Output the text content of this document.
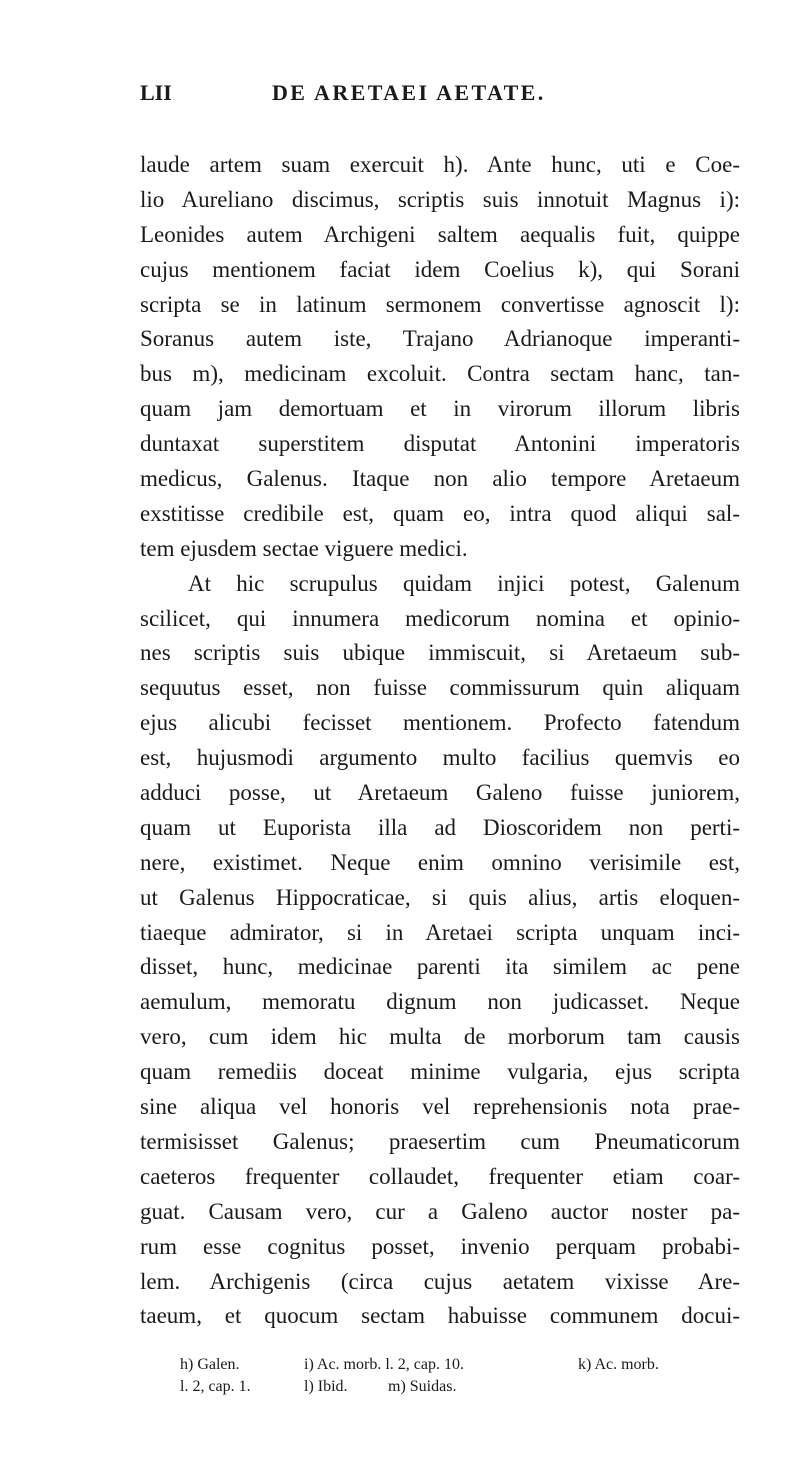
LII	DE ARETAEI AETATE.
laude artem suam exercuit h). Ante hunc, uti e Coe-
lio Aureliano discimus, scriptis suis innotuit Magnus i):
Leonides autem Archigeni saltem aequalis fuit, quippe
cujus mentionem faciat idem Coelius k), qui Sorani
scripta se in latinum sermonem convertisse agnoscit l):
Soranus autem iste, Trajano Adrianoque imperanti-
bus m), medicinam excoluit. Contra sectam hanc, tan-
quam jam demortuam et in virorum illorum libris
duntaxat superstitem disputat Antonini imperatoris
medicus, Galenus. Itaque non alio tempore Aretaeum
exstitisse credibile est, quam eo, intra quod aliqui sal-
tem ejusdem sectae viguere medici.
At hic scrupulus quidam injici potest, Galenum
scilicet, qui innumera medicorum nomina et opinio-
nes scriptis suis ubique immiscuit, si Aretaeum sub-
sequutus esset, non fuisse commissurum quin aliquam
ejus alicubi fecisset mentionem. Profecto fatendum
est, hujusmodi argumento multo facilius quemvis eo
adduci posse, ut Aretaeum Galeno fuisse juniorem,
quam ut Euporista illa ad Dioscoridem non perti-
nere, existimet. Neque enim omnino verisimile est,
ut Galenus Hippocraticae, si quis alius, artis eloquen-
tiaeque admirator, si in Aretaei scripta unquam inci-
disset, hunc, medicinae parenti ita similem ac pene
aemulum, memoratu dignum non judicasset. Neque
vero, cum idem hic multa de morborum tam causis
quam remediis doceat minime vulgaria, ejus scripta
sine aliqua vel honoris vel reprehensionis nota prae-
termisisset Galenus; praesertim cum Pneumaticorum
caeteros frequenter collaudet, frequenter etiam coar-
guat. Causam vero, cur a Galeno auctor noster pa-
rum esse cognitus posset, invenio perquam probabi-
lem. Archigenis (circa cujus aetatem vixisse Are-
taeum, et quocum sectam habuisse communem docui-
h) Galen.	i) Ac. morb. l. 2, cap. 10.	k) Ac. morb.
l. 2, cap. 1.	l) Ibid.	m) Suidas.
